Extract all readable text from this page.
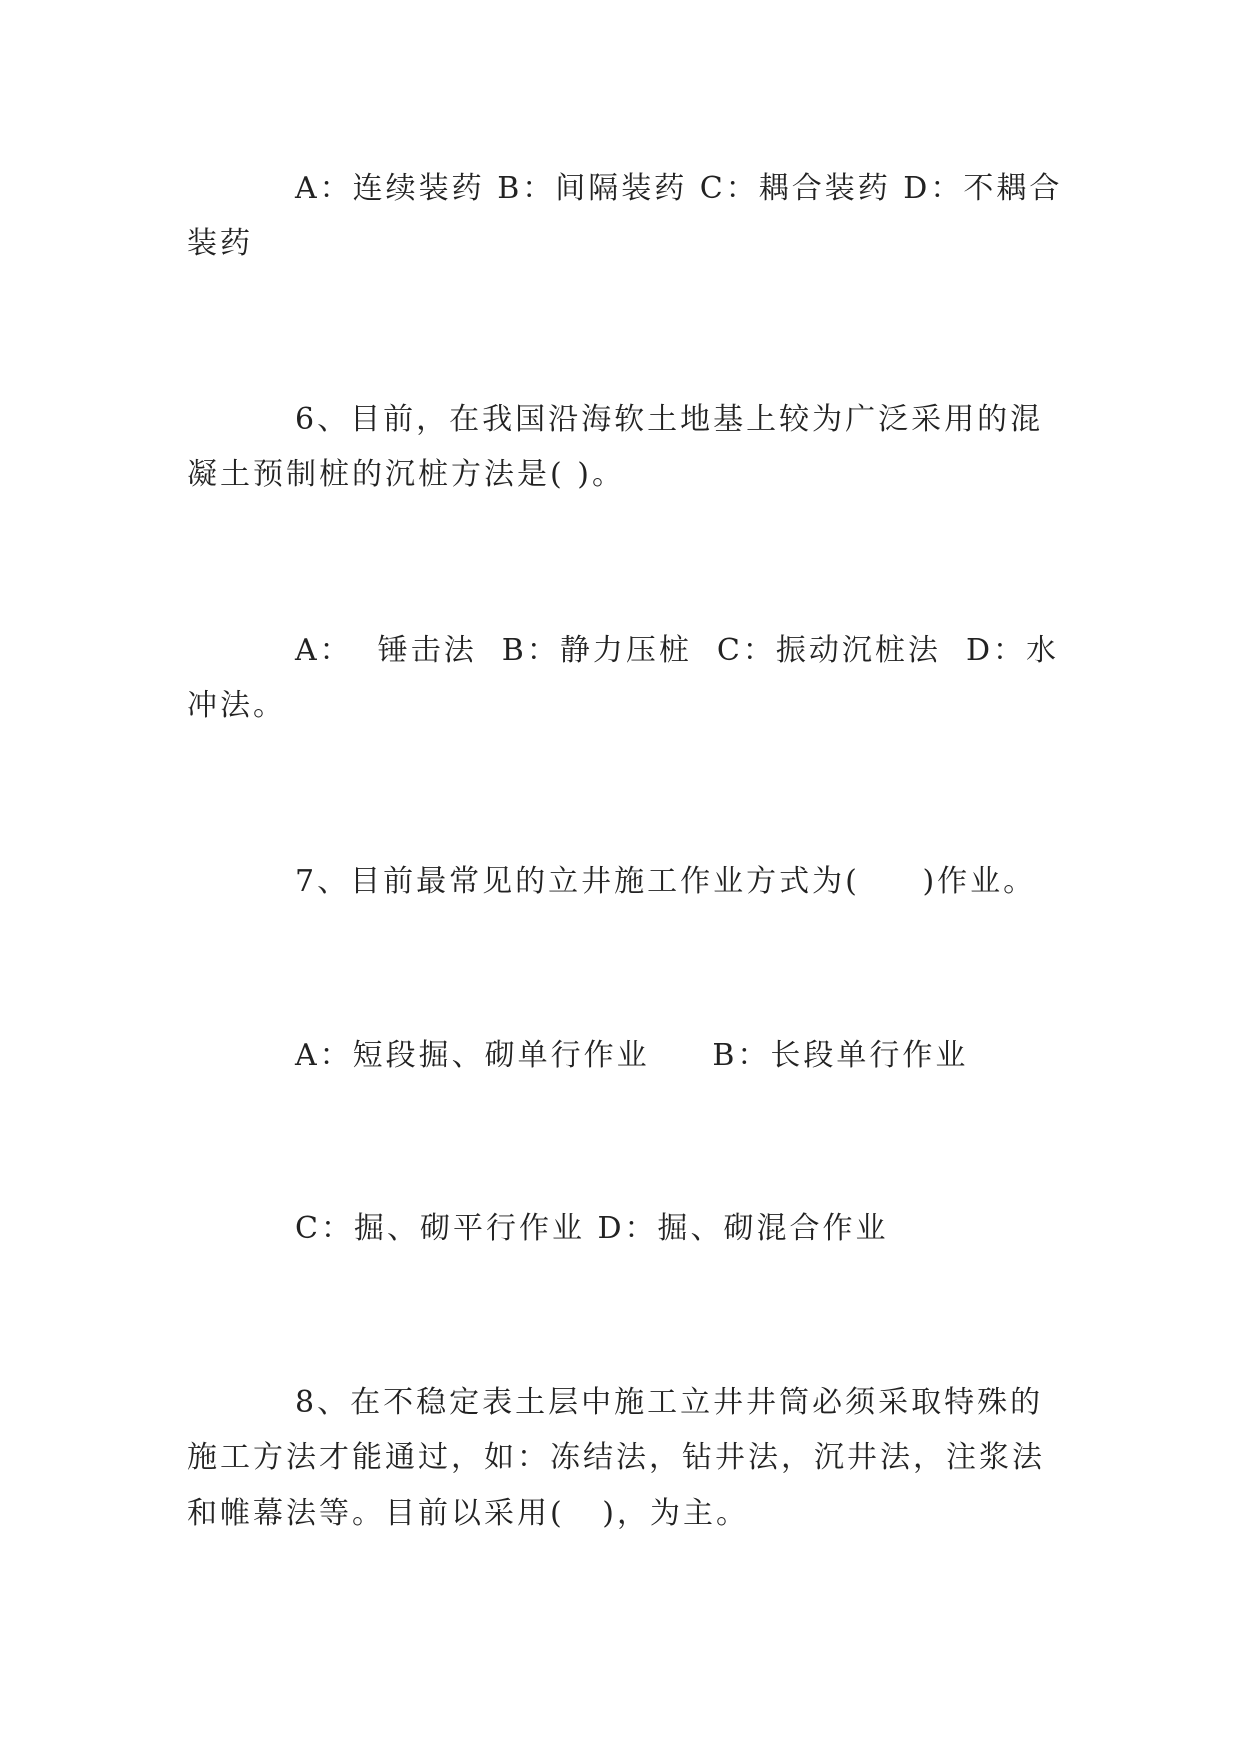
A：连续装药 B：间隔装药 C：耦合装药 D：不耦合
装药
6、目前，在我国沿海软土地基上较为广泛采用的混
凝土预制桩的沉桩方法是( )。
A：  锤击法  B：静力压桩  C：振动沉桩法  D：水
冲法。
7、目前最常见的立井施工作业方式为(     )作业。
A：短段掘、砌单行作业     B：长段单行作业
C：掘、砌平行作业 D：掘、砌混合作业
8、在不稳定表土层中施工立井井筒必须采取特殊的
施工方法才能通过，如：冻结法，钻井法，沉井法，注浆法
和帷幕法等。目前以采用(   )，为主。
